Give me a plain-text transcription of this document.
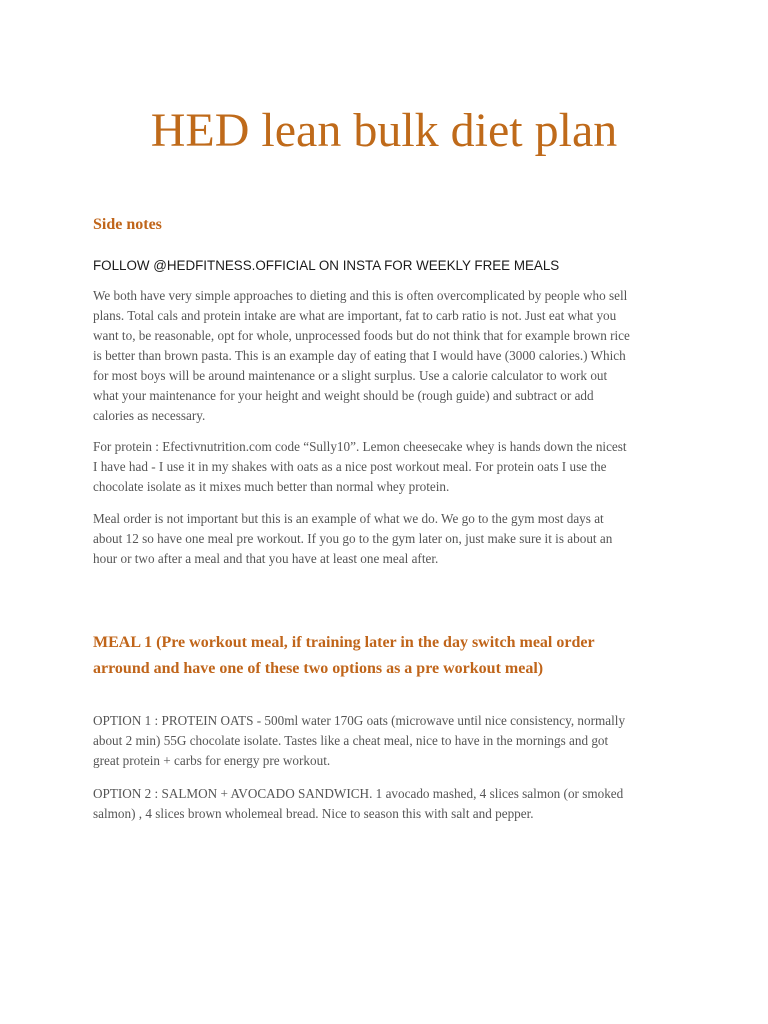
HED lean bulk diet plan
Side notes

FOLLOW @HEDFITNESS.OFFICIAL ON INSTA FOR WEEKLY FREE MEALS

We both have very simple approaches to dieting and this is often overcomplicated by people who sell
plans. Total cals and protein intake are what are important, fat to carb ratio is not. Just eat what you
want to, be reasonable, opt for whole, unprocessed foods but do not think that for example brown rice
is better than brown pasta. This is an example day of eating that I would have (3000 calories.) Which
for most boys will be around maintenance or a slight surplus. Use a calorie calculator to work out
what your maintenance for your height and weight should be (rough guide) and subtract or add
calories as necessary.

For protein : Efectivnutrition.com code “Sully10”. Lemon cheesecake whey is hands down the nicest
I have had - I use it in my shakes with oats as a nice post workout meal. For protein oats I use the
chocolate isolate as it mixes much better than normal whey protein.

Meal order is not important but this is an example of what we do. We go to the gym most days at
about 12 so have one meal pre workout. If you go to the gym later on, just make sure it is about an
hour or two after a meal and that you have at least one meal after.

MEAL 1 (Pre workout meal, if training later in the day switch meal order
arround and have one of these two options as a pre workout meal)

OPTION 1 : PROTEIN OATS - 500ml water 170G oats (microwave until nice consistency, normally
about 2 min) 55G chocolate isolate. Tastes like a cheat meal, nice to have in the mornings and got
great protein + carbs for energy pre workout.

OPTION 2 : SALMON + AVOCADO SANDWICH. 1 avocado mashed, 4 slices salmon (or smoked
salmon) , 4 slices brown wholemeal bread. Nice to season this with salt and pepper.
